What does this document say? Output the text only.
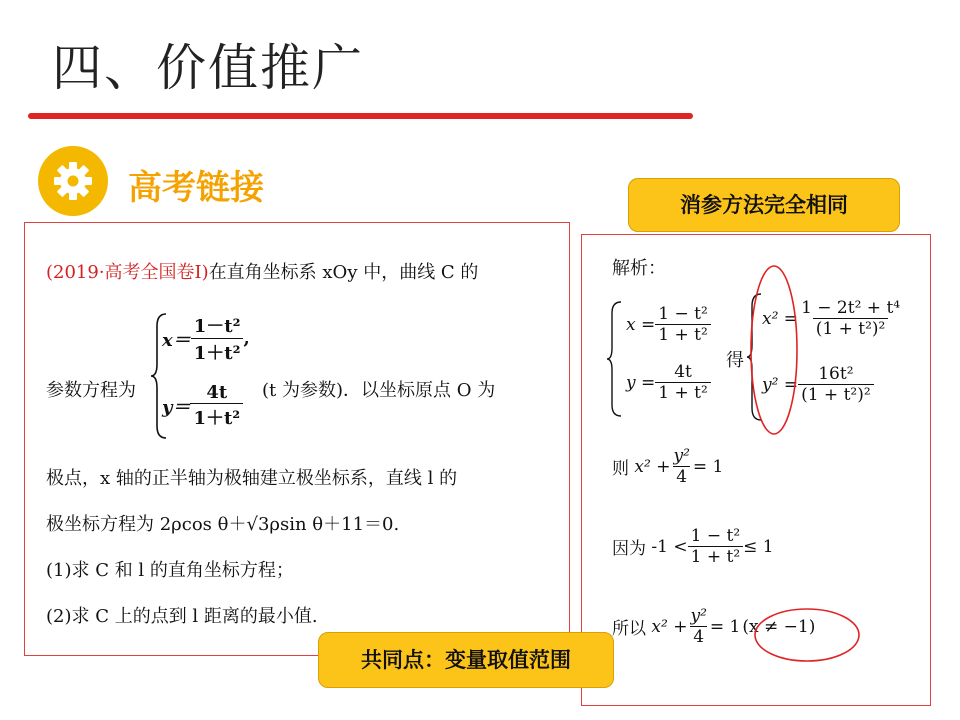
四、价值推广
高考链接	消参方法完全相同
(2019·高考全国卷Ⅰ)在直角坐标系 xOy 中，曲线 C 的
$x= \frac{\text{1－t²}}{\text{1＋t²}}$ ,
参数方程为
$y= \frac{4t}{\text{1＋t²}} (t$ 为参数)．以坐标原点 O 为
极点，x 轴的正半轴为极轴建立极坐标系，直线 l 的
极坐标方程为 2ρcos θ＋√3ρsin θ＋11＝0.
(1)求 C 和 l 的直角坐标方程；
(2)求 C 上的点到 l 距离的最小值.
解析：
$x = \frac{\text{1 − t²}}{\text{1 + t²}}$
$y = \frac{4t}{\text{1 + t²}}$
得
$x^2 = \frac{\text{1 − 2t² + t⁴}}{\text{(1 + t²)²}}$
$y^2 = \frac{\text{16t²}}{\text{(1 + t²)²}}$
则
$x^2 + \frac{\text{y²}}{4} = 1$
因为
$-1 < \frac{\text{1 − t²}}{\text{1 + t²}} \le 1$
所以
$x^2 + \frac{\text{y²}}{4} = 1$ (x ≠ −1)
共同点：变量取值范围
